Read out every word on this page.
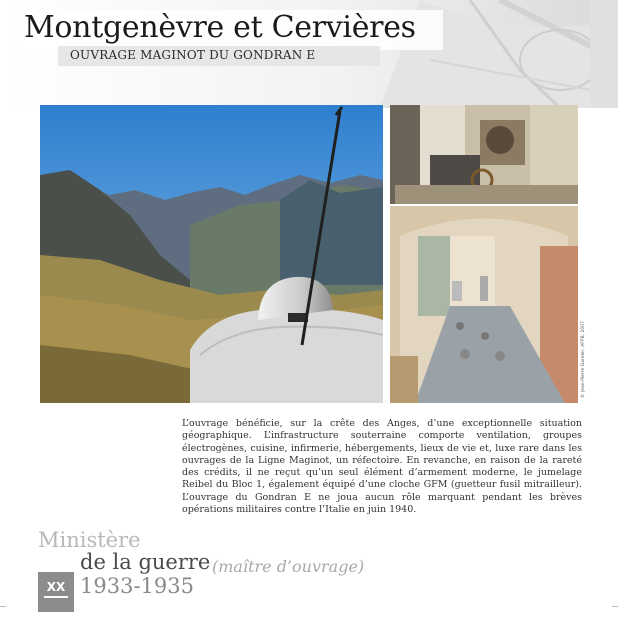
Montgenèvre et Cervières
OUVRAGE MAGINOT DU GONDRAN E
© Jean-Pierre Garnier, AFPB, 2007
L’ouvrage bénéficie, sur la crête des Anges, d’une exceptionnelle situation géographique. L’infrastructure souterraine comporte ventilation, groupes électrogènes, cuisine, infirmerie, hébergements, lieux de vie et, luxe rare dans les ouvrages de la Ligne Maginot, un réfectoire. En revanche, en raison de la rareté des crédits, il ne reçut qu’un seul élément d’armement moderne, le jumelage Reibel du Bloc 1, également équipé d’une cloche GFM (guetteur fusil mitrailleur). L’ouvrage du Gondran E ne joua aucun rôle marquant pendant les brèves opérations militaires contre l’Italie en juin 1940.
Ministère
de la guerre (maître d’ouvrage)
1933-1935
XX
